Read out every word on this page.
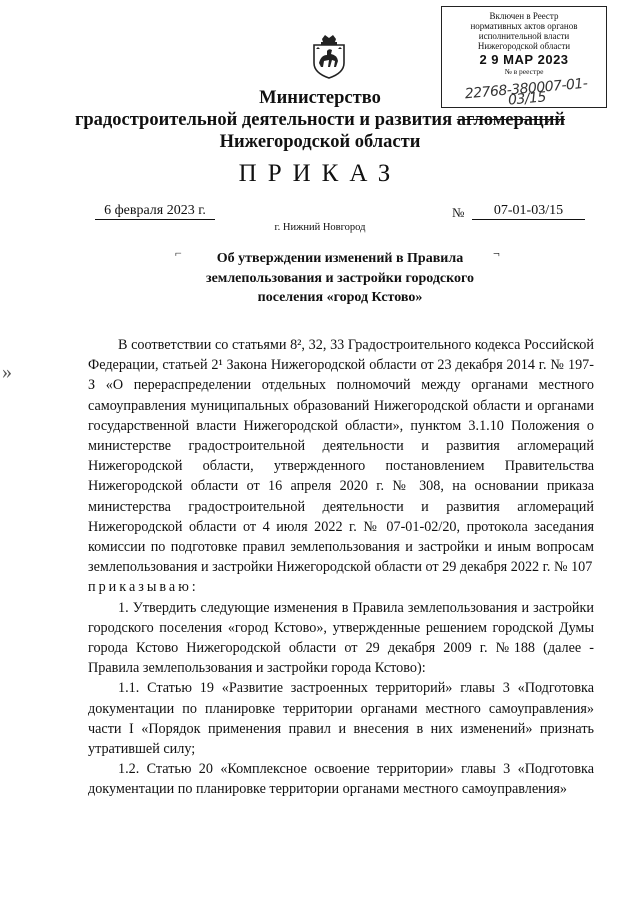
Включен в Реестр
нормативных актов органов
исполнительной власти
Нижегородской области
2 9 МАР 2023
№ в реестре
22768-380007-01-03/15
Министерство
градостроительной деятельности и развития агломераций
Нижегородской области
ПРИКАЗ
6 февраля 2023 г.	№	07-01-03/15
г. Нижний Новгород
⌐	¬
Об утверждении изменений в Правила
землепользования и застройки городского
поселения «город Кстово»
»

В соответствии со статьями 8², 32, 33 Градостроительного кодекса Российской Федерации, статьей 2¹ Закона Нижегородской области от 23 декабря 2014 г. № 197-З «О перераспределении отдельных полномочий между органами местного самоуправления муниципальных образований Нижегородской области и органами государственной власти Нижегородской области», пунктом 3.1.10 Положения о министерстве градостроительной деятельности и развития агломераций Нижегородской области, утвержденного постановлением Правительства Нижегородской области от 16 апреля 2020 г. № 308, на основании приказа министерства градостроительной деятельности и развития агломераций Нижегородской области от 4 июля 2022 г. № 07-01-02/20, протокола заседания комиссии по подготовке правил землепользования и застройки и иным вопросам землепользования и застройки Нижегородской области от 29 декабря 2022 г. № 107

приказываю:

1. Утвердить следующие изменения в Правила землепользования и застройки городского поселения «город Кстово», утвержденные решением городской Думы города Кстово Нижегородской области от 29 декабря 2009 г. №188 (далее - Правила землепользования и застройки города Кстово):

1.1. Статью 19 «Развитие застроенных территорий» главы 3 «Подготовка документации по планировке территории органами местного самоуправления» части I «Порядок применения правил и внесения в них изменений» признать утратившей силу;

1.2. Статью 20 «Комплексное освоение территории» главы 3 «Подготовка документации по планировке территории органами местного самоуправления»
